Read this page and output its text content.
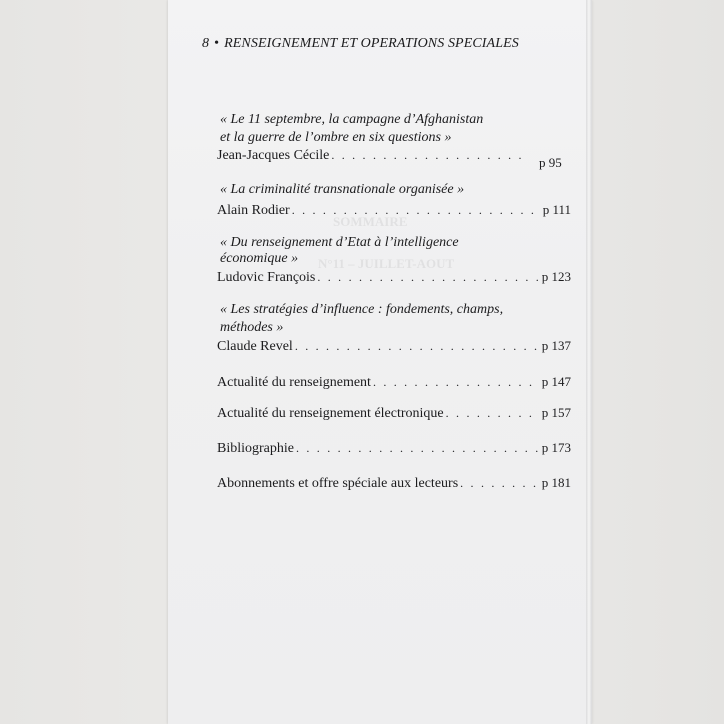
SOMMAIRE
N°11 – JUILLET-AOUT
8 • RENSEIGNEMENT ET OPERATIONS SPECIALES
« Le 11 septembre, la campagne d’Afghanistan
et la guerre de l’ombre en six questions »
Jean-Jacques Cécile . . .	p 95
« La criminalité transnationale organisée »
Alain Rodier . . .	p 111
« Du renseignement d’Etat à l’intelligence
économique »
Ludovic François . . .	p 123
« Les stratégies d’influence : fondements, champs,
méthodes »
Claude Revel . . .	p 137
Actualité du renseignement . . .	p 147
Actualité du renseignement électronique . . .	p 157
Bibliographie . . .	p 173
Abonnements et offre spéciale aux lecteurs . . .	p 181
